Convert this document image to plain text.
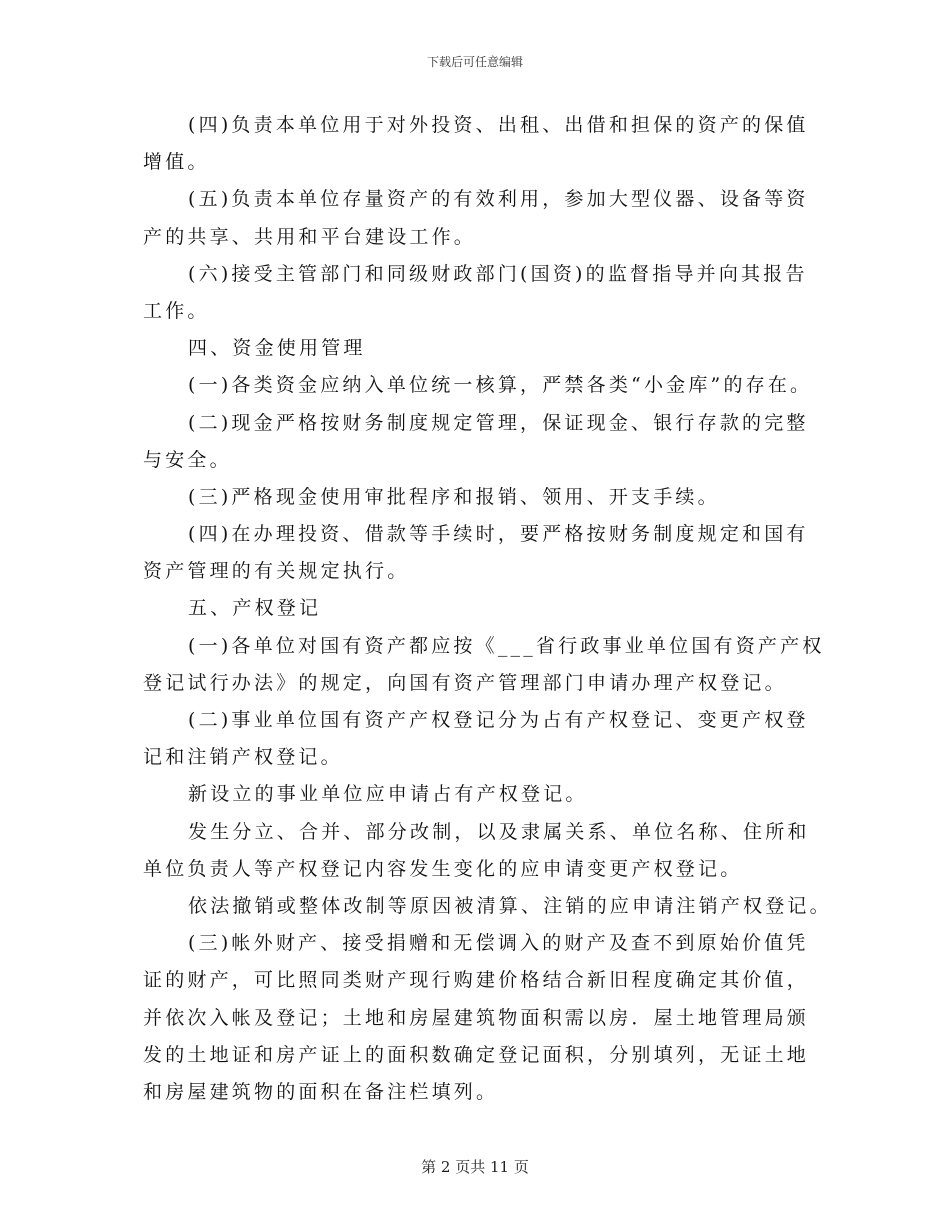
下载后可任意编辑
(四)负责本单位用于对外投资、出租、出借和担保的资产的保值
增值。
(五)负责本单位存量资产的有效利用，参加大型仪器、设备等资
产的共享、共用和平台建设工作。
(六)接受主管部门和同级财政部门(国资)的监督指导并向其报告
工作。
四、资金使用管理
(一)各类资金应纳入单位统一核算，严禁各类“小金库”的存在。
(二)现金严格按财务制度规定管理，保证现金、银行存款的完整
与安全。
(三)严格现金使用审批程序和报销、领用、开支手续。
(四)在办理投资、借款等手续时，要严格按财务制度规定和国有
资产管理的有关规定执行。
五、产权登记
(一)各单位对国有资产都应按《___省行政事业单位国有资产产权
登记试行办法》的规定，向国有资产管理部门申请办理产权登记。
(二)事业单位国有资产产权登记分为占有产权登记、变更产权登
记和注销产权登记。
新设立的事业单位应申请占有产权登记。
发生分立、合并、部分改制，以及隶属关系、单位名称、住所和
单位负责人等产权登记内容发生变化的应申请变更产权登记。
依法撤销或整体改制等原因被清算、注销的应申请注销产权登记。
(三)帐外财产、接受捐赠和无偿调入的财产及查不到原始价值凭
证的财产，可比照同类财产现行购建价格结合新旧程度确定其价值，
并依次入帐及登记；土地和房屋建筑物面积需以房．屋土地管理局颁
发的土地证和房产证上的面积数确定登记面积，分别填列，无证土地
和房屋建筑物的面积在备注栏填列。
第 2 页共 11 页
